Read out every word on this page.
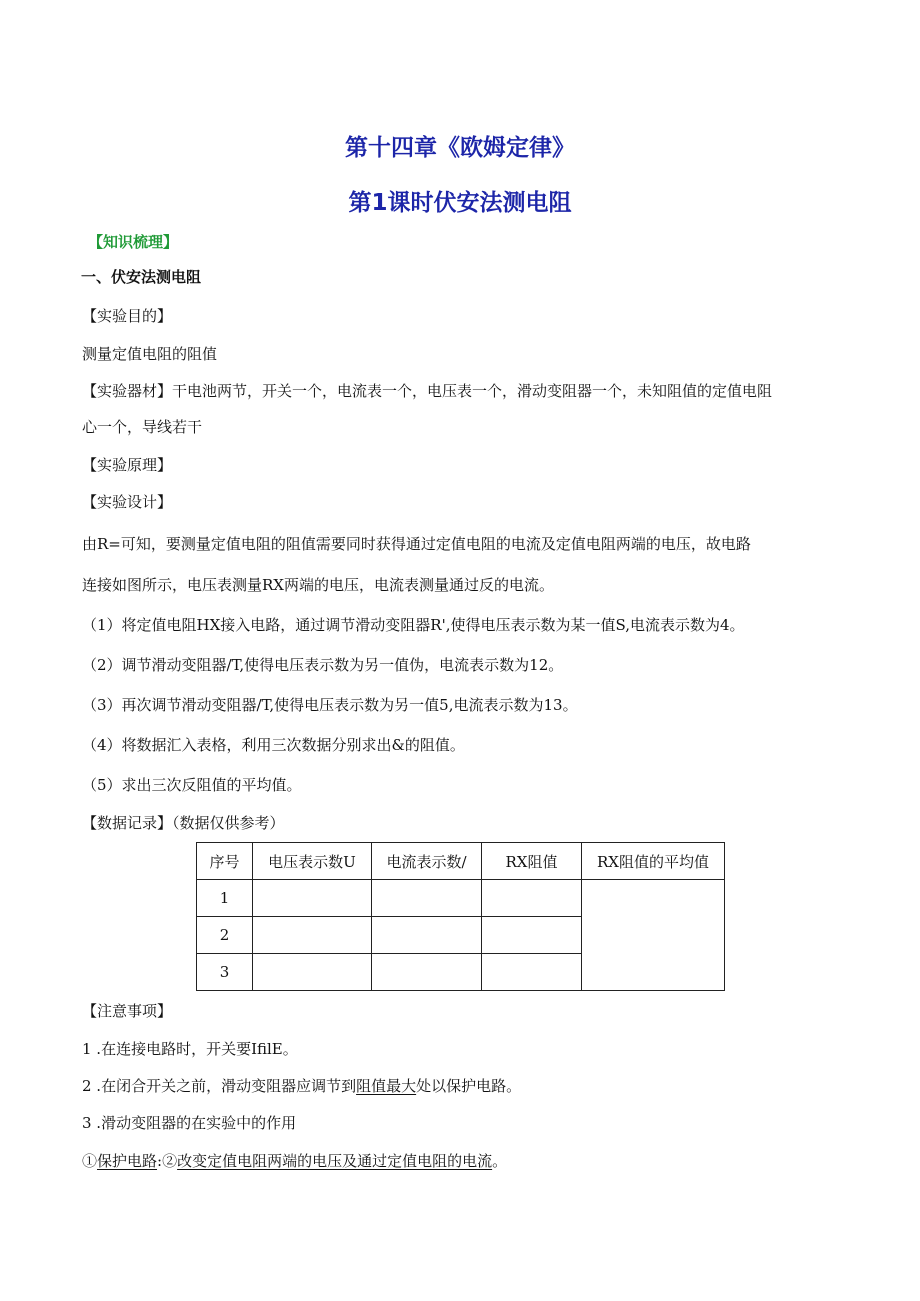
第十四章《欧姆定律》
第1课时伏安法测电阻
【知识梳理】
一、伏安法测电阻
【实验目的】
测量定值电阻的阻值
【实验器材】干电池两节，开关一个，电流表一个，电压表一个，滑动变阻器一个，未知阻值的定值电阻
心一个，导线若干
【实验原理】
【实验设计】
由R=可知，要测量定值电阻的阻值需要同时获得通过定值电阻的电流及定值电阻两端的电压，故电路
连接如图所示，电压表测量RX两端的电压，电流表测量通过反的电流。
（1）将定值电阻HX接入电路，通过调节滑动变阻器R',使得电压表示数为某一值S,电流表示数为4。
（2）调节滑动变阻器/T,使得电压表示数为另一值伪，电流表示数为12。
（3）再次调节滑动变阻器/T,使得电压表示数为另一值5,电流表示数为13。
（4）将数据汇入表格，利用三次数据分别求出&的阻值。
（5）求出三次反阻值的平均值。
【数据记录】（数据仅供参考）
序号	电压表示数U	电流表示数/	RX阻值	RX阻值的平均值
1				
2				
3				
【注意事项】
1 .在连接电路时，开关要IfilE。
2 .在闭合开关之前，滑动变阻器应调节到阻值最大处以保护电路。
3 .滑动变阻器的在实验中的作用
①保护电路:②改变定值电阻两端的电压及通过定值电阻的电流。
